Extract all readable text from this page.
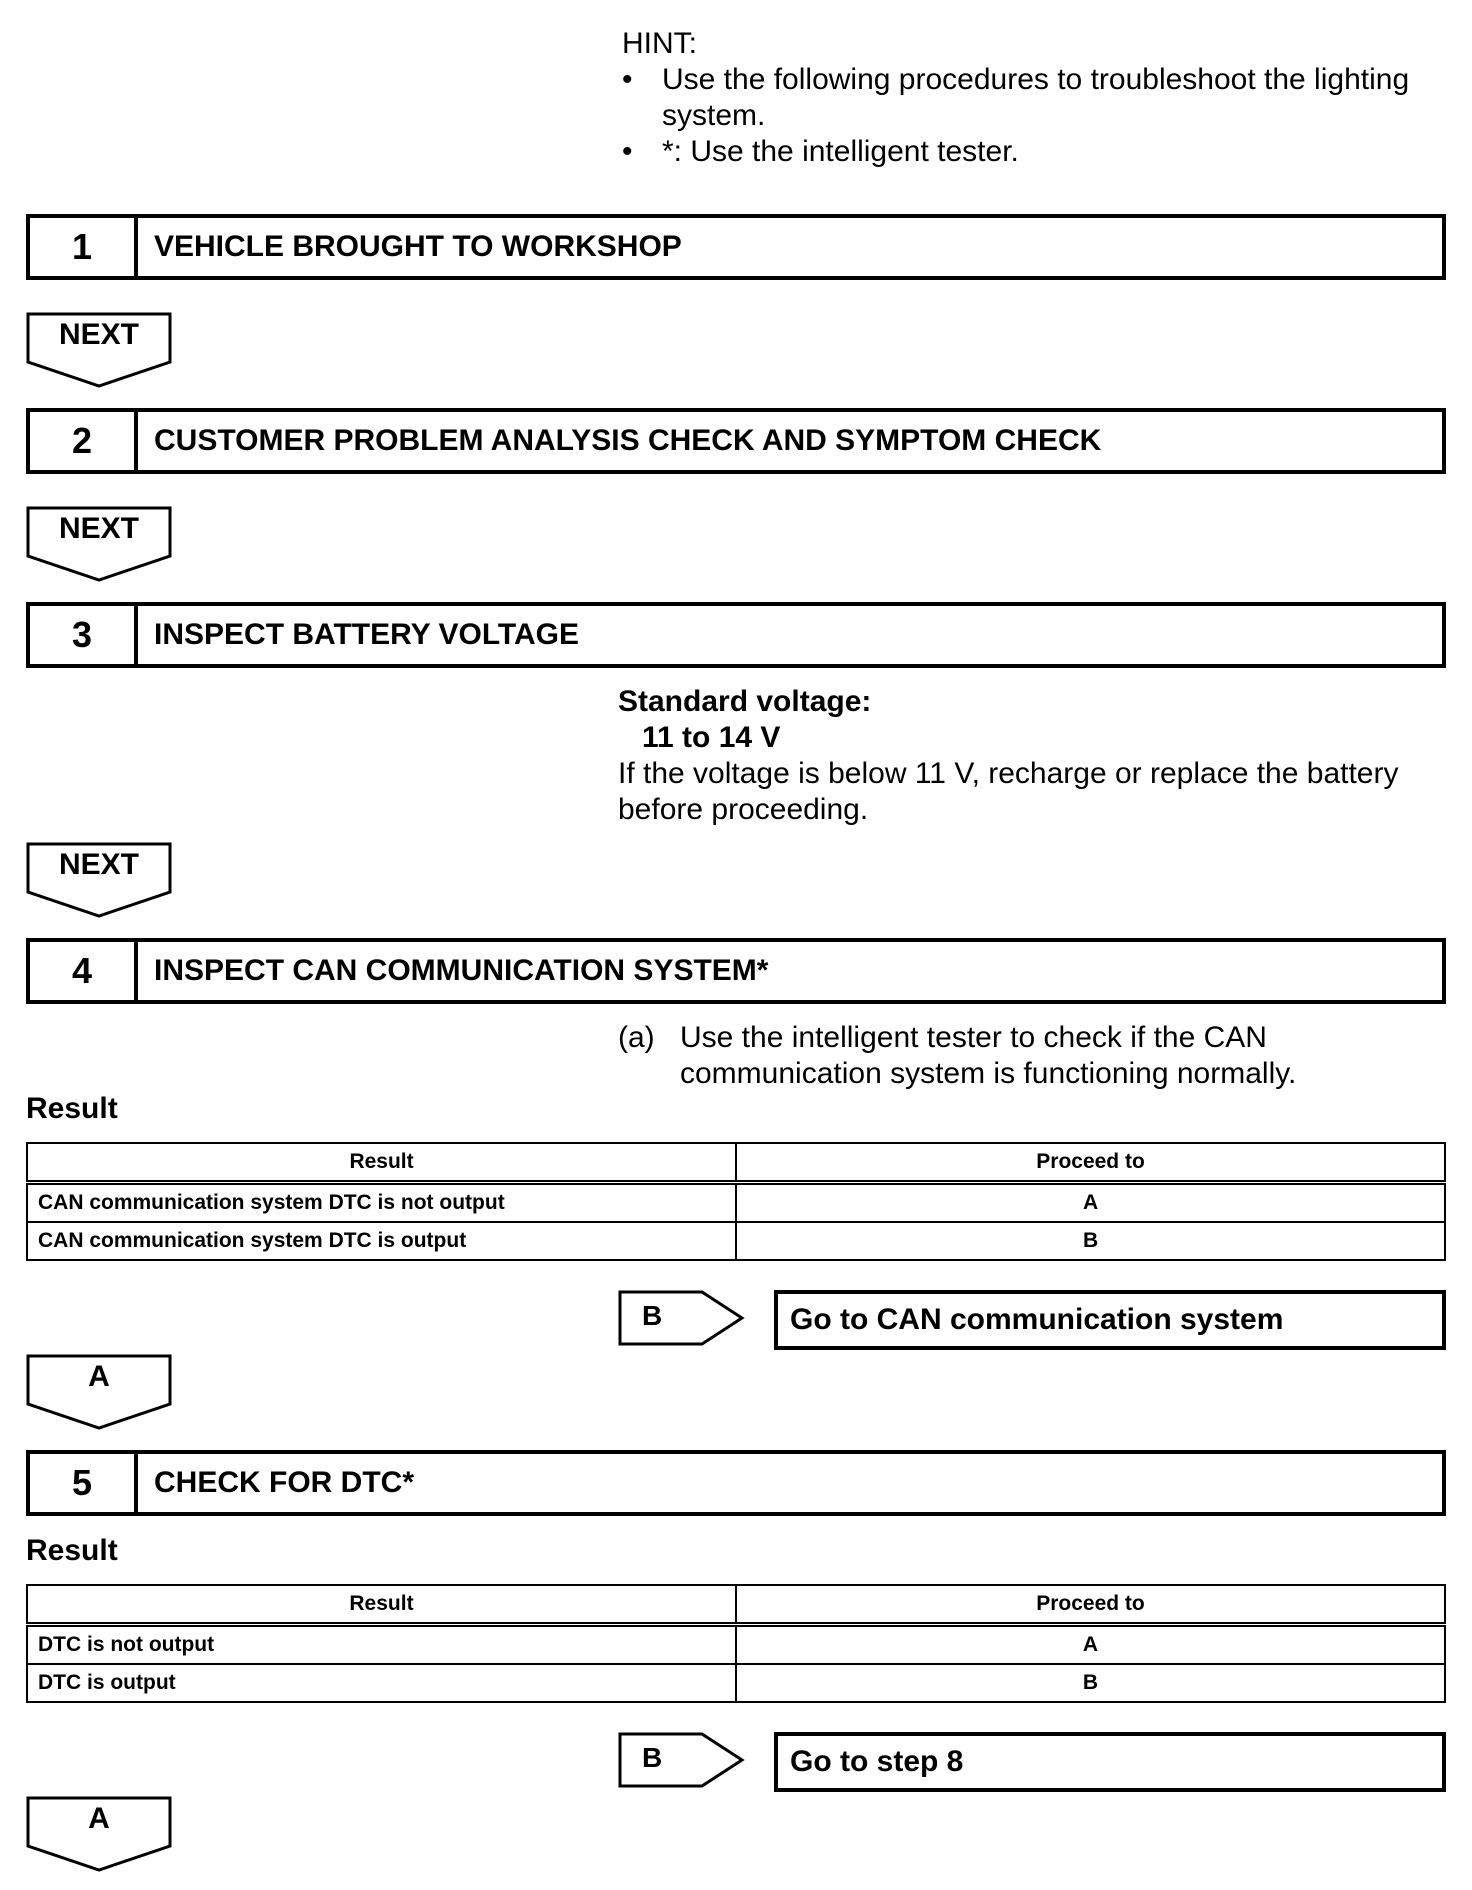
HINT:
• Use the following procedures to troubleshoot the lighting
system.
• *: Use the intelligent tester.
1	VEHICLE BROUGHT TO WORKSHOP
NEXT
2	CUSTOMER PROBLEM ANALYSIS CHECK AND SYMPTOM CHECK
NEXT
3	INSPECT BATTERY VOLTAGE
Standard voltage:
11 to 14 V
If the voltage is below 11 V, recharge or replace the battery
before proceeding.
NEXT
4	INSPECT CAN COMMUNICATION SYSTEM*
(a) Use the intelligent tester to check if the CAN
communication system is functioning normally.
Result
Result	Proceed to
CAN communication system DTC is not output	A
CAN communication system DTC is output	B
B	Go to CAN communication system
A
5	CHECK FOR DTC*
Result
Result	Proceed to
DTC is not output	A
DTC is output	B
B	Go to step 8
A
